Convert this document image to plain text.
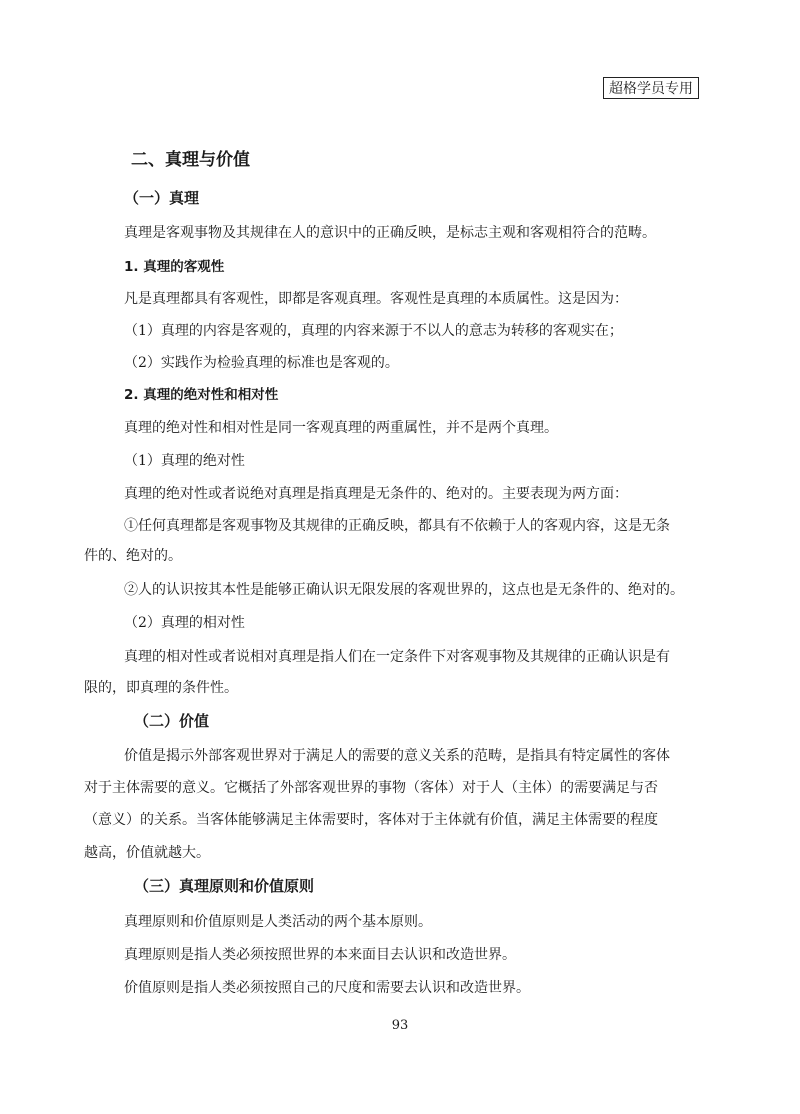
超格学员专用
二、真理与价值
（一）真理
真理是客观事物及其规律在人的意识中的正确反映，是标志主观和客观相符合的范畴。
1. 真理的客观性
凡是真理都具有客观性，即都是客观真理。客观性是真理的本质属性。这是因为：
（1）真理的内容是客观的，真理的内容来源于不以人的意志为转移的客观实在；
（2）实践作为检验真理的标准也是客观的。
2. 真理的绝对性和相对性
真理的绝对性和相对性是同一客观真理的两重属性，并不是两个真理。
（1）真理的绝对性
真理的绝对性或者说绝对真理是指真理是无条件的、绝对的。主要表现为两方面：
①任何真理都是客观事物及其规律的正确反映，都具有不依赖于人的客观内容，这是无条
件的、绝对的。
②人的认识按其本性是能够正确认识无限发展的客观世界的，这点也是无条件的、绝对的。
（2）真理的相对性
真理的相对性或者说相对真理是指人们在一定条件下对客观事物及其规律的正确认识是有
限的，即真理的条件性。
（二）价值
价值是揭示外部客观世界对于满足人的需要的意义关系的范畴，是指具有特定属性的客体
对于主体需要的意义。它概括了外部客观世界的事物（客体）对于人（主体）的需要满足与否
（意义）的关系。当客体能够满足主体需要时，客体对于主体就有价值，满足主体需要的程度
越高，价值就越大。
（三）真理原则和价值原则
真理原则和价值原则是人类活动的两个基本原则。
真理原则是指人类必须按照世界的本来面目去认识和改造世界。
价值原则是指人类必须按照自己的尺度和需要去认识和改造世界。
93
